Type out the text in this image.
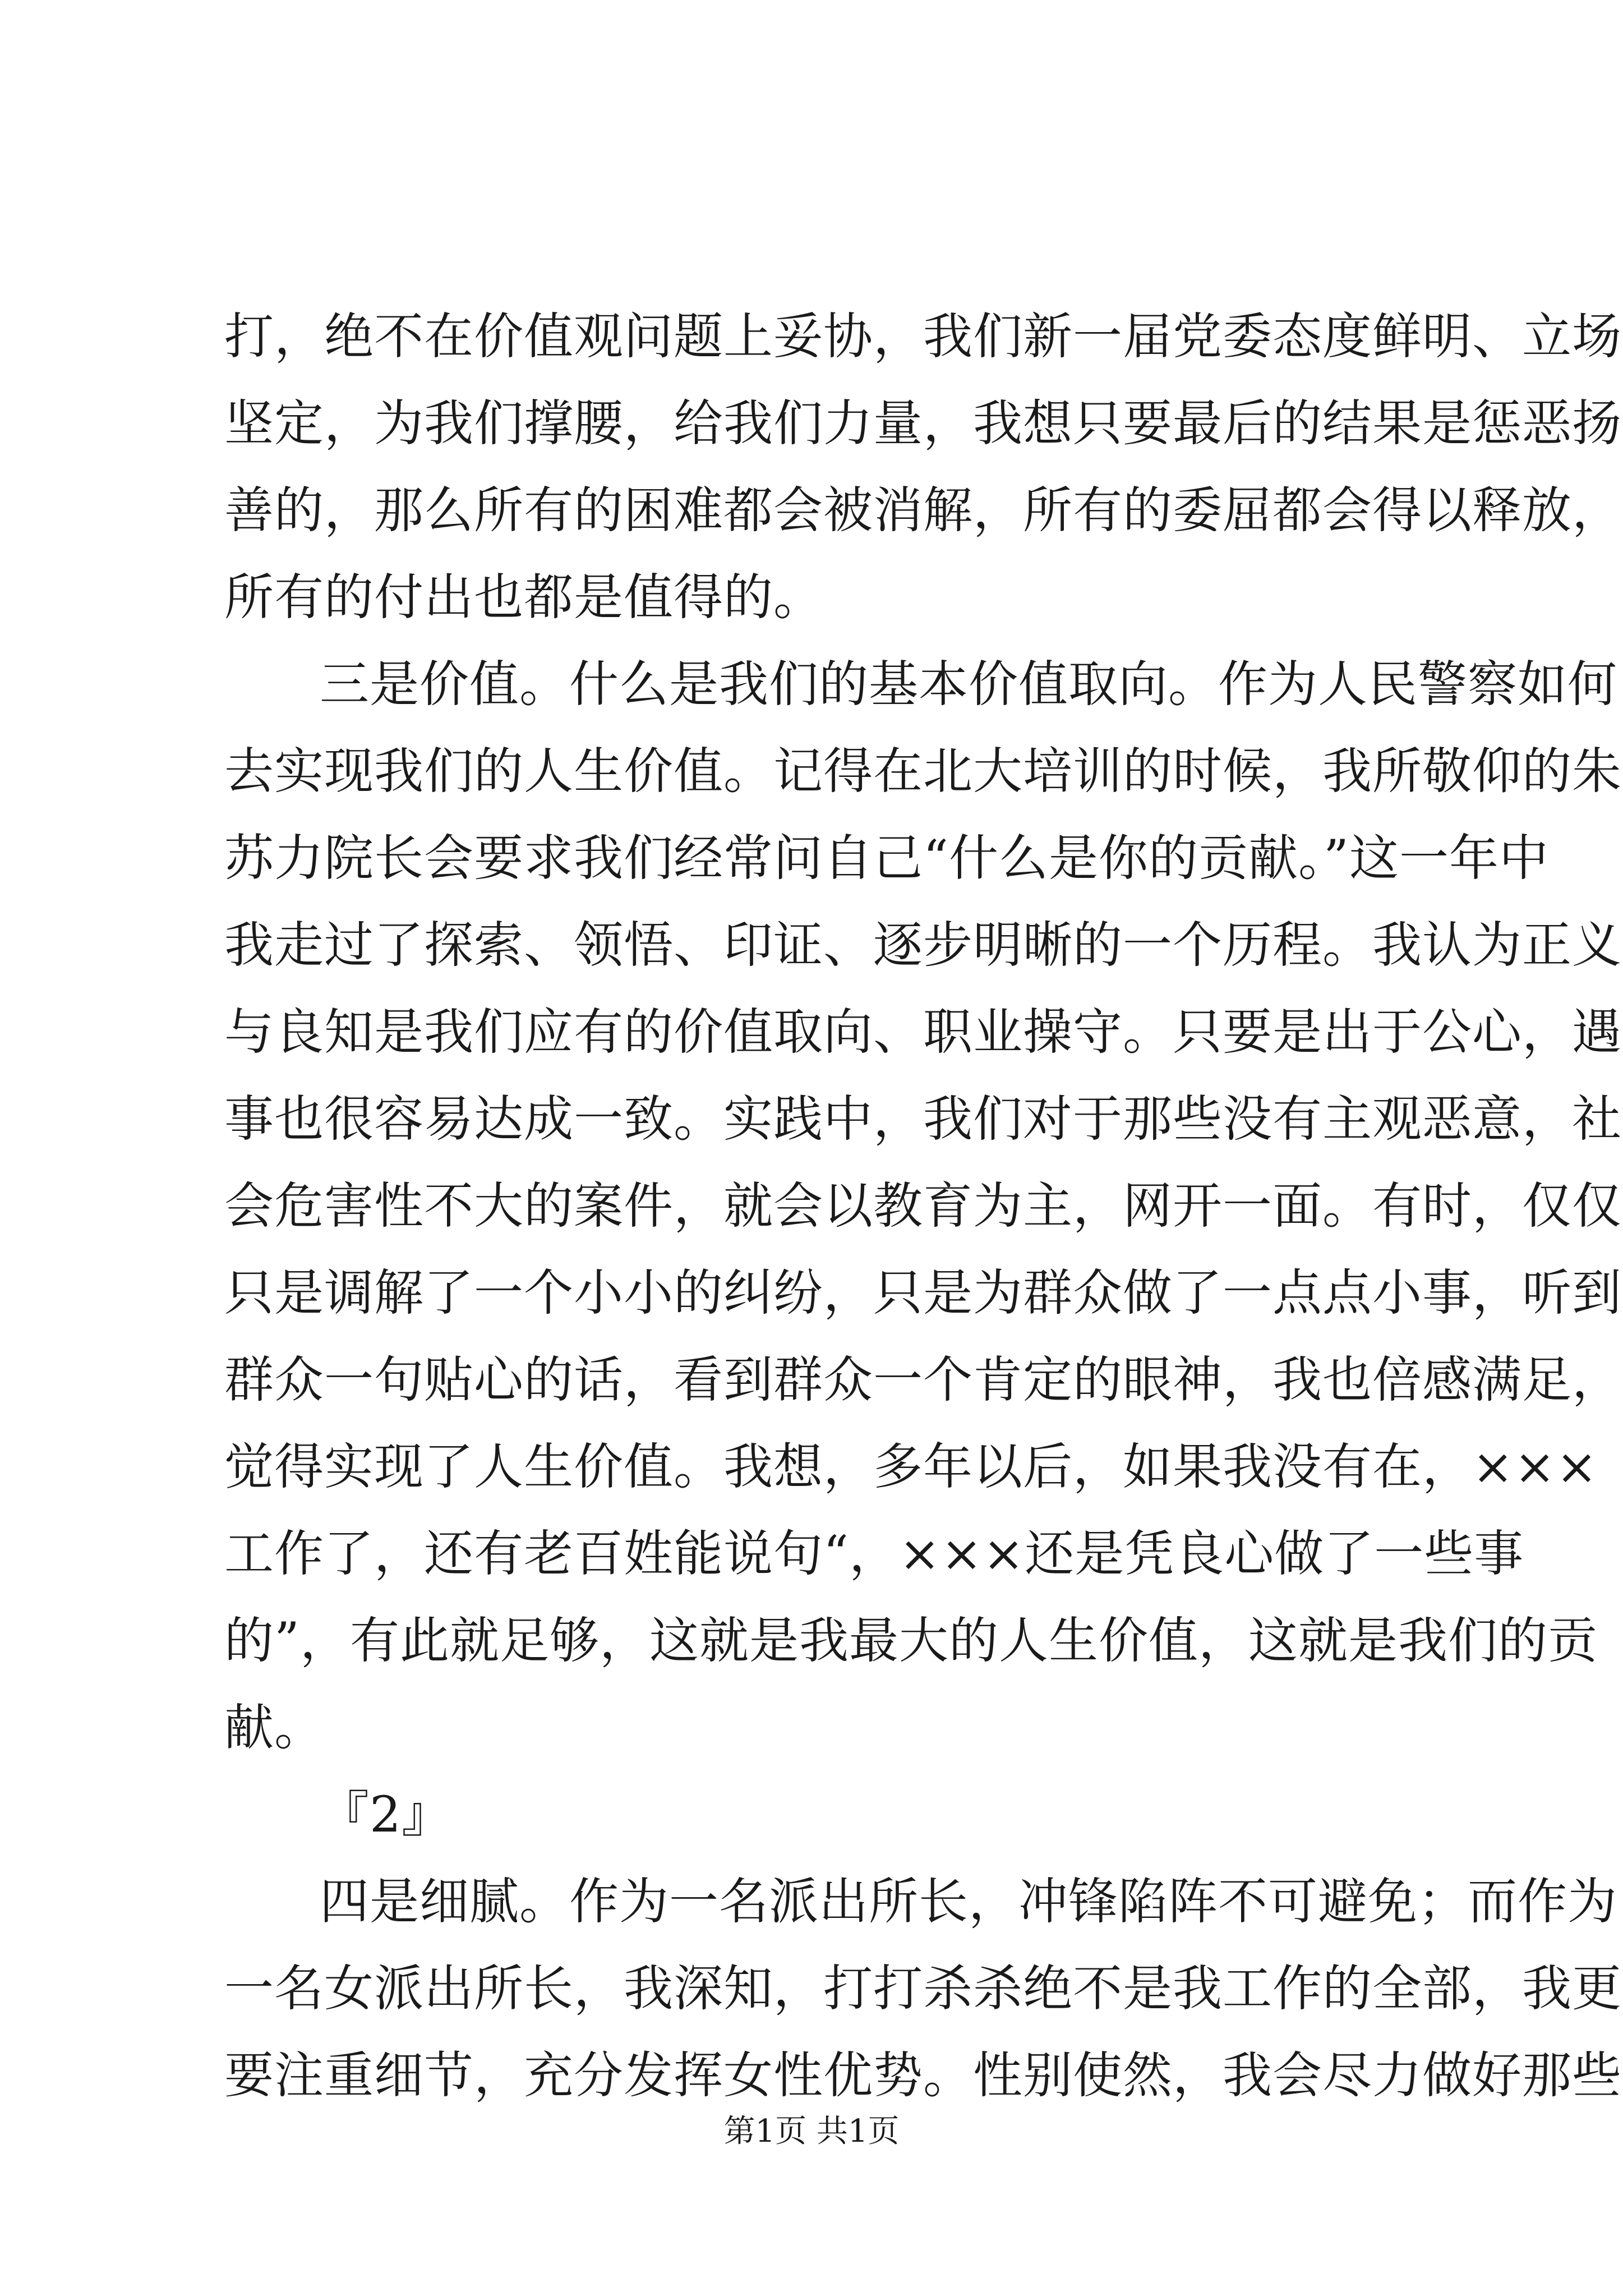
打，绝不在价值观问题上妥协，我们新一届党委态度鲜明、立场
坚定，为我们撑腰，给我们力量，我想只要最后的结果是惩恶扬
善的，那么所有的困难都会被消解，所有的委屈都会得以释放，
所有的付出也都是值得的。
三是价值。什么是我们的基本价值取向。作为人民警察如何
去实现我们的人生价值。记得在北大培训的时候，我所敬仰的朱
苏力院长会要求我们经常问自己“什么是你的贡献。”这一年中
我走过了探索、领悟、印证、逐步明晰的一个历程。我认为正义
与良知是我们应有的价值取向、职业操守。只要是出于公心，遇
事也很容易达成一致。实践中，我们对于那些没有主观恶意，社
会危害性不大的案件，就会以教育为主，网开一面。有时，仅仅
只是调解了一个小小的纠纷，只是为群众做了一点点小事，听到
群众一句贴心的话，看到群众一个肯定的眼神，我也倍感满足，
觉得实现了人生价值。我想，多年以后，如果我没有在，×××
工作了，还有老百姓能说句“，×××还是凭良心做了一些事
的”，有此就足够，这就是我最大的人生价值，这就是我们的贡
献。
『2』
四是细腻。作为一名派出所长，冲锋陷阵不可避免；而作为
一名女派出所长，我深知，打打杀杀绝不是我工作的全部，我更
要注重细节，充分发挥女性优势。性别使然，我会尽力做好那些
第1页 共1页
